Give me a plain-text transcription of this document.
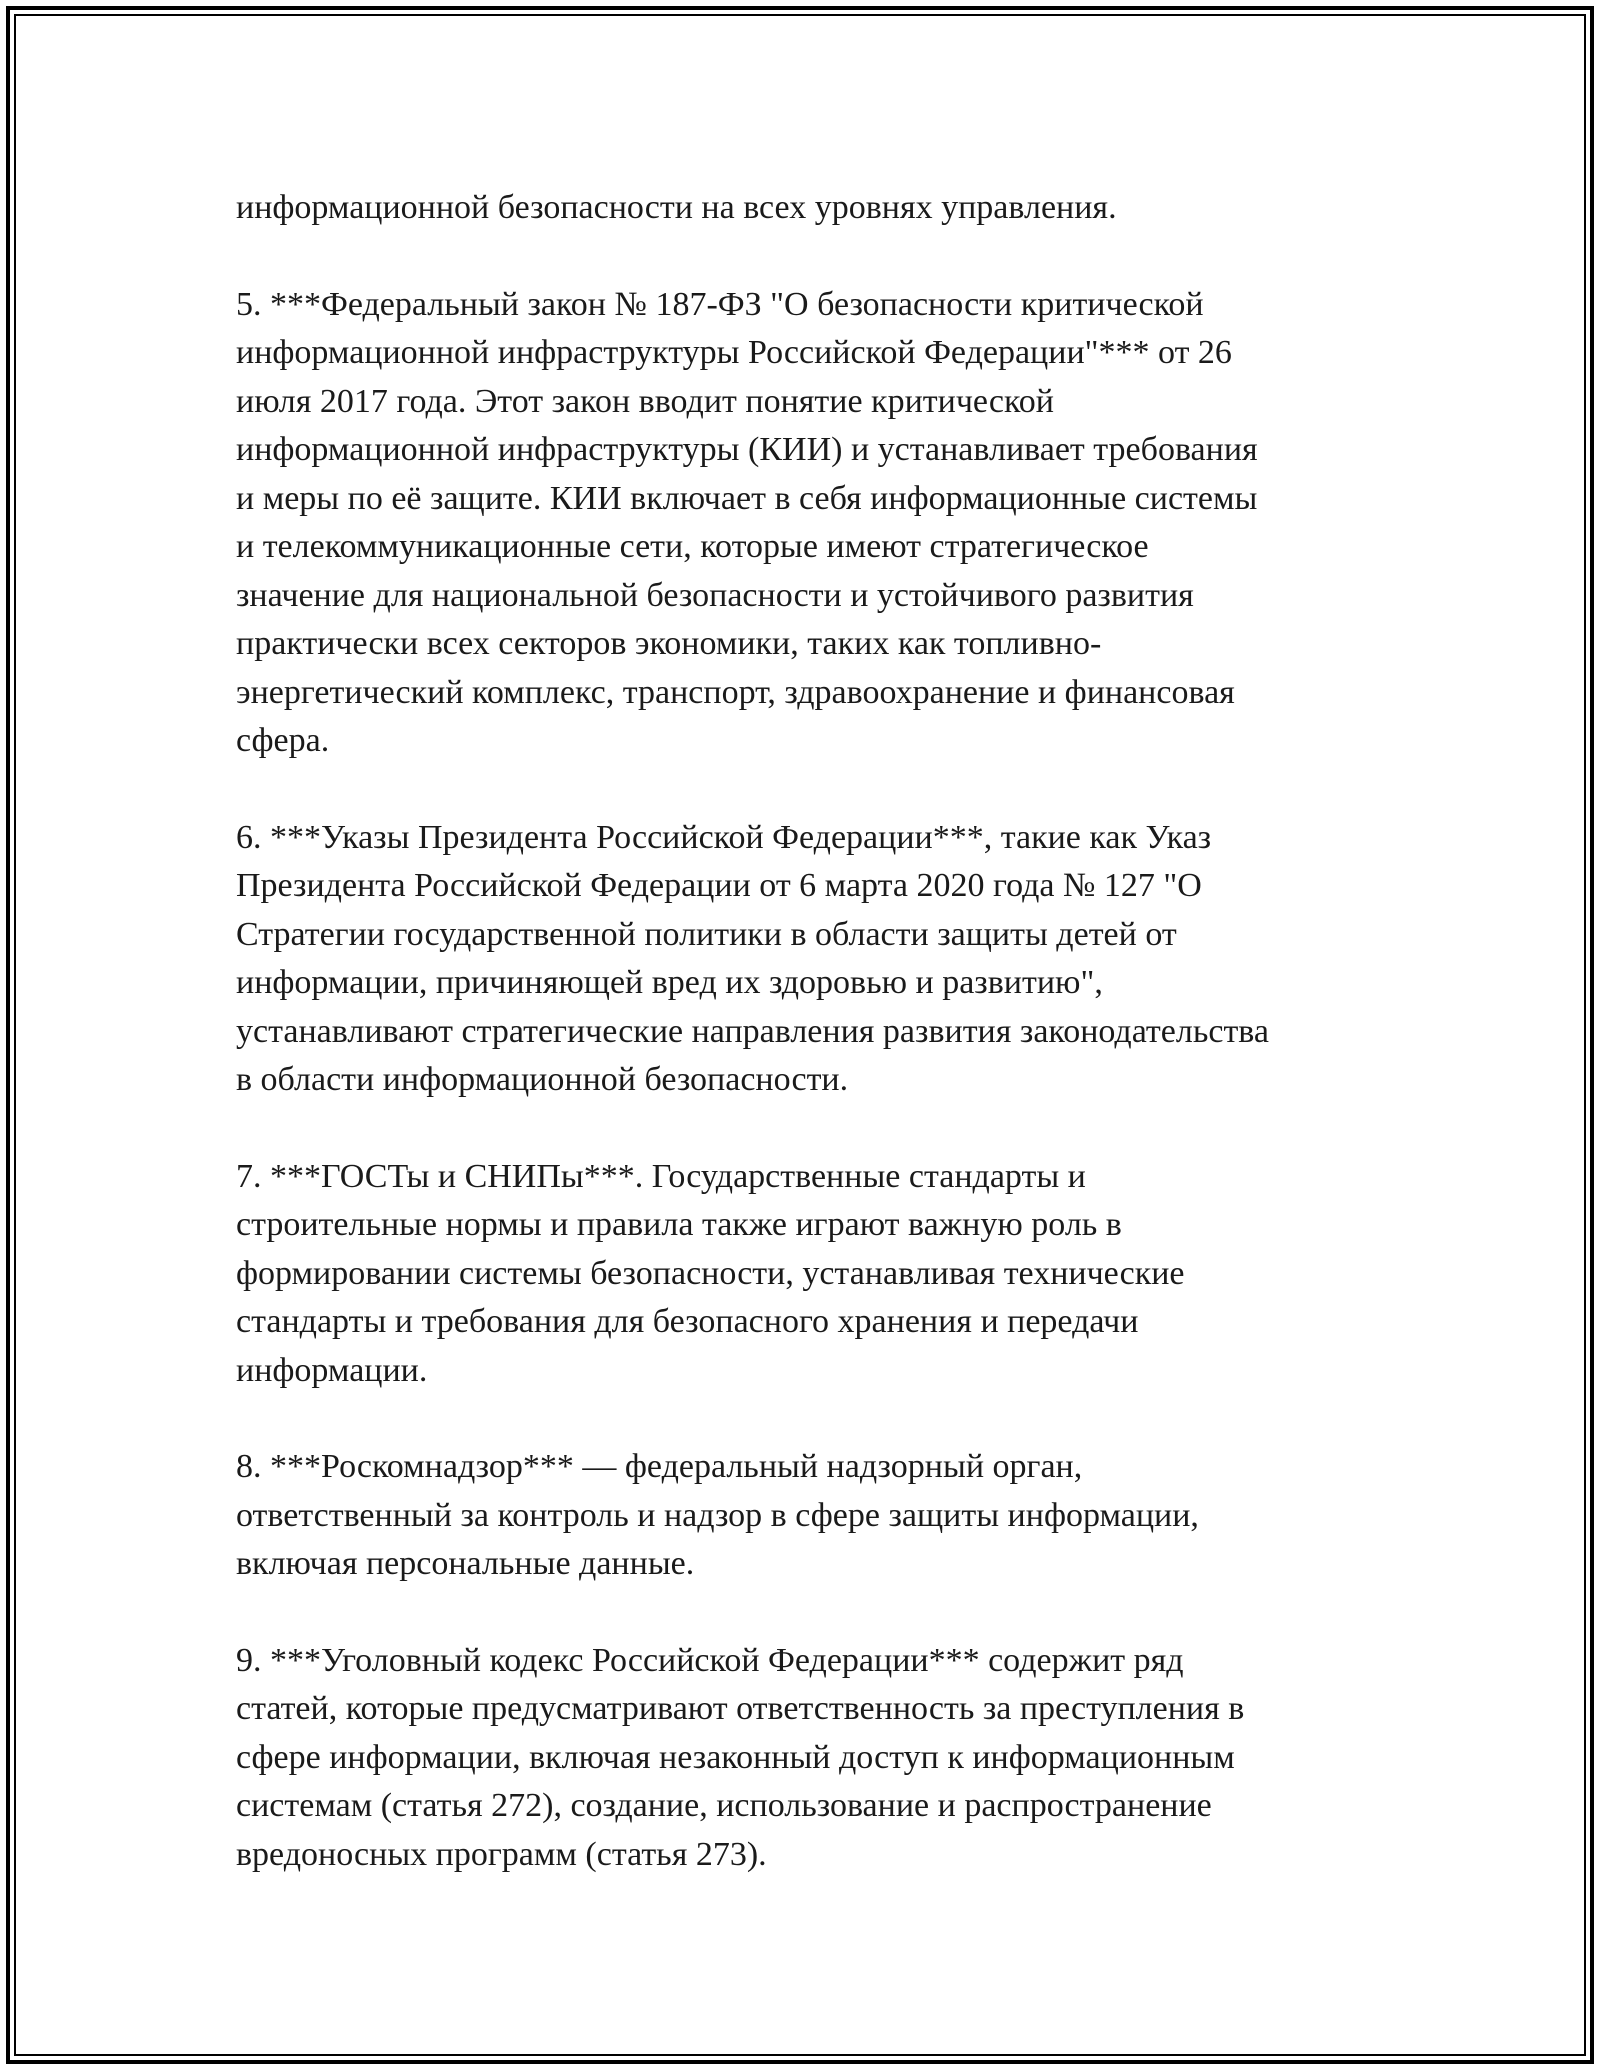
информационной безопасности на всех уровнях управления.

5. ***Федеральный закон № 187-ФЗ "О безопасности критической
информационной инфраструктуры Российской Федерации"*** от 26
июля 2017 года. Этот закон вводит понятие критической
информационной инфраструктуры (КИИ) и устанавливает требования
и меры по её защите. КИИ включает в себя информационные системы
и телекоммуникационные сети, которые имеют стратегическое
значение для национальной безопасности и устойчивого развития
практически всех секторов экономики, таких как топливно-
энергетический комплекс, транспорт, здравоохранение и финансовая
сфера.

6. ***Указы Президента Российской Федерации***, такие как Указ
Президента Российской Федерации от 6 марта 2020 года № 127 "О
Стратегии государственной политики в области защиты детей от
информации, причиняющей вред их здоровью и развитию",
устанавливают стратегические направления развития законодательства
в области информационной безопасности.

7. ***ГОСТы и СНИПы***. Государственные стандарты и
строительные нормы и правила также играют важную роль в
формировании системы безопасности, устанавливая технические
стандарты и требования для безопасного хранения и передачи
информации.

8. ***Роскомнадзор*** — федеральный надзорный орган,
ответственный за контроль и надзор в сфере защиты информации,
включая персональные данные.

9. ***Уголовный кодекс Российской Федерации*** содержит ряд
статей, которые предусматривают ответственность за преступления в
сфере информации, включая незаконный доступ к информационным
системам (статья 272), создание, использование и распространение
вредоносных программ (статья 273).
